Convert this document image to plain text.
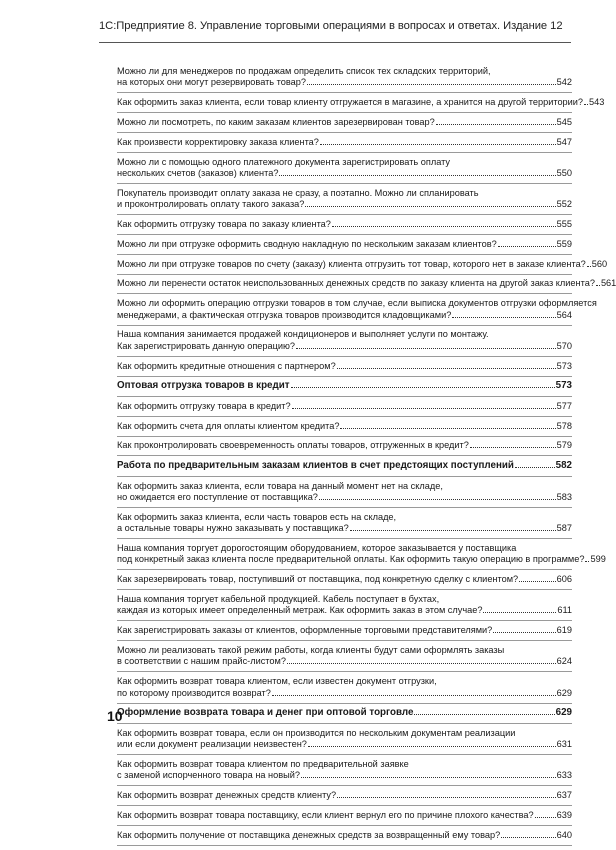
1С:Предприятие 8. Управление торговыми операциями в вопросах и ответах. Издание 12
Можно ли для менеджеров по продажам определить список тех складских территорий,
на которых они могут резервировать товар?	542
Как оформить заказ клиента, если товар клиенту отгружается в магазине, а хранится на другой территории? 543
Можно ли посмотреть, по каким заказам клиентов зарезервирован товар?	545
Как произвести корректировку заказа клиента?	547
Можно ли с помощью одного платежного документа зарегистрировать оплату
нескольких счетов (заказов) клиента?	550
Покупатель производит оплату заказа не сразу, а поэтапно. Можно ли спланировать
и проконтролировать оплату такого заказа?	552
Как оформить отгрузку товара по заказу клиента?	555
Можно ли при отгрузке оформить сводную накладную по нескольким заказам клиентов?	559
Можно ли при отгрузке товаров по счету (заказу) клиента отгрузить тот товар, которого нет в заказе клиента? 560
Можно ли перенести остаток неиспользованных денежных средств по заказу клиента на другой заказ клиента? 561
Можно ли оформить операцию отгрузки товаров в том случае, если выписка документов отгрузки оформляется
менеджерами, а фактическая отгрузка товаров производится кладовщиками?	564
Наша компания занимается продажей кондиционеров и выполняет услуги по монтажу.
Как зарегистрировать данную операцию?	570
Как оформить кредитные отношения с партнером?	573
Оптовая отгрузка товаров в кредит	573
Как оформить отгрузку товара в кредит?	577
Как оформить счета для оплаты клиентом кредита?	578
Как проконтролировать своевременность оплаты товаров, отгруженных в кредит?	579
Работа по предварительным заказам клиентов в счет предстоящих поступлений	582
Как оформить заказ клиента, если товара на данный момент нет на складе,
но ожидается его поступление от поставщика?	583
Как оформить заказ клиента, если часть товаров есть на складе,
а остальные товары нужно заказывать у поставщика?	587
Наша компания торгует дорогостоящим оборудованием, которое заказывается у поставщика
под конкретный заказ клиента после предварительной оплаты. Как оформить такую операцию в программе? 599
Как зарезервировать товар, поступивший от поставщика, под конкретную сделку с клиентом?	606
Наша компания торгует кабельной продукцией. Кабель поступает в бухтах,
каждая из которых имеет определенный метраж. Как оформить заказ в этом случае?	611
Как зарегистрировать заказы от клиентов, оформленные торговыми представителями?	619
Можно ли реализовать такой режим работы, когда клиенты будут сами оформлять заказы
в соответствии с нашим прайс-листом?	624
Как оформить возврат товара клиентом, если известен документ отгрузки,
по которому производится возврат?	629
Оформление возврата товара и денег при оптовой торговле	629
Как оформить возврат товара, если он производится по нескольким документам реализации
или если документ реализации неизвестен?	631
Как оформить возврат товара клиентом по предварительной заявке
с заменой испорченного товара на новый?	633
Как оформить возврат денежных средств клиенту?	637
Как оформить возврат товара поставщику, если клиент вернул его по причине плохого качества?	639
Как оформить получение от поставщика денежных средств за возвращенный ему товар?	640
10
